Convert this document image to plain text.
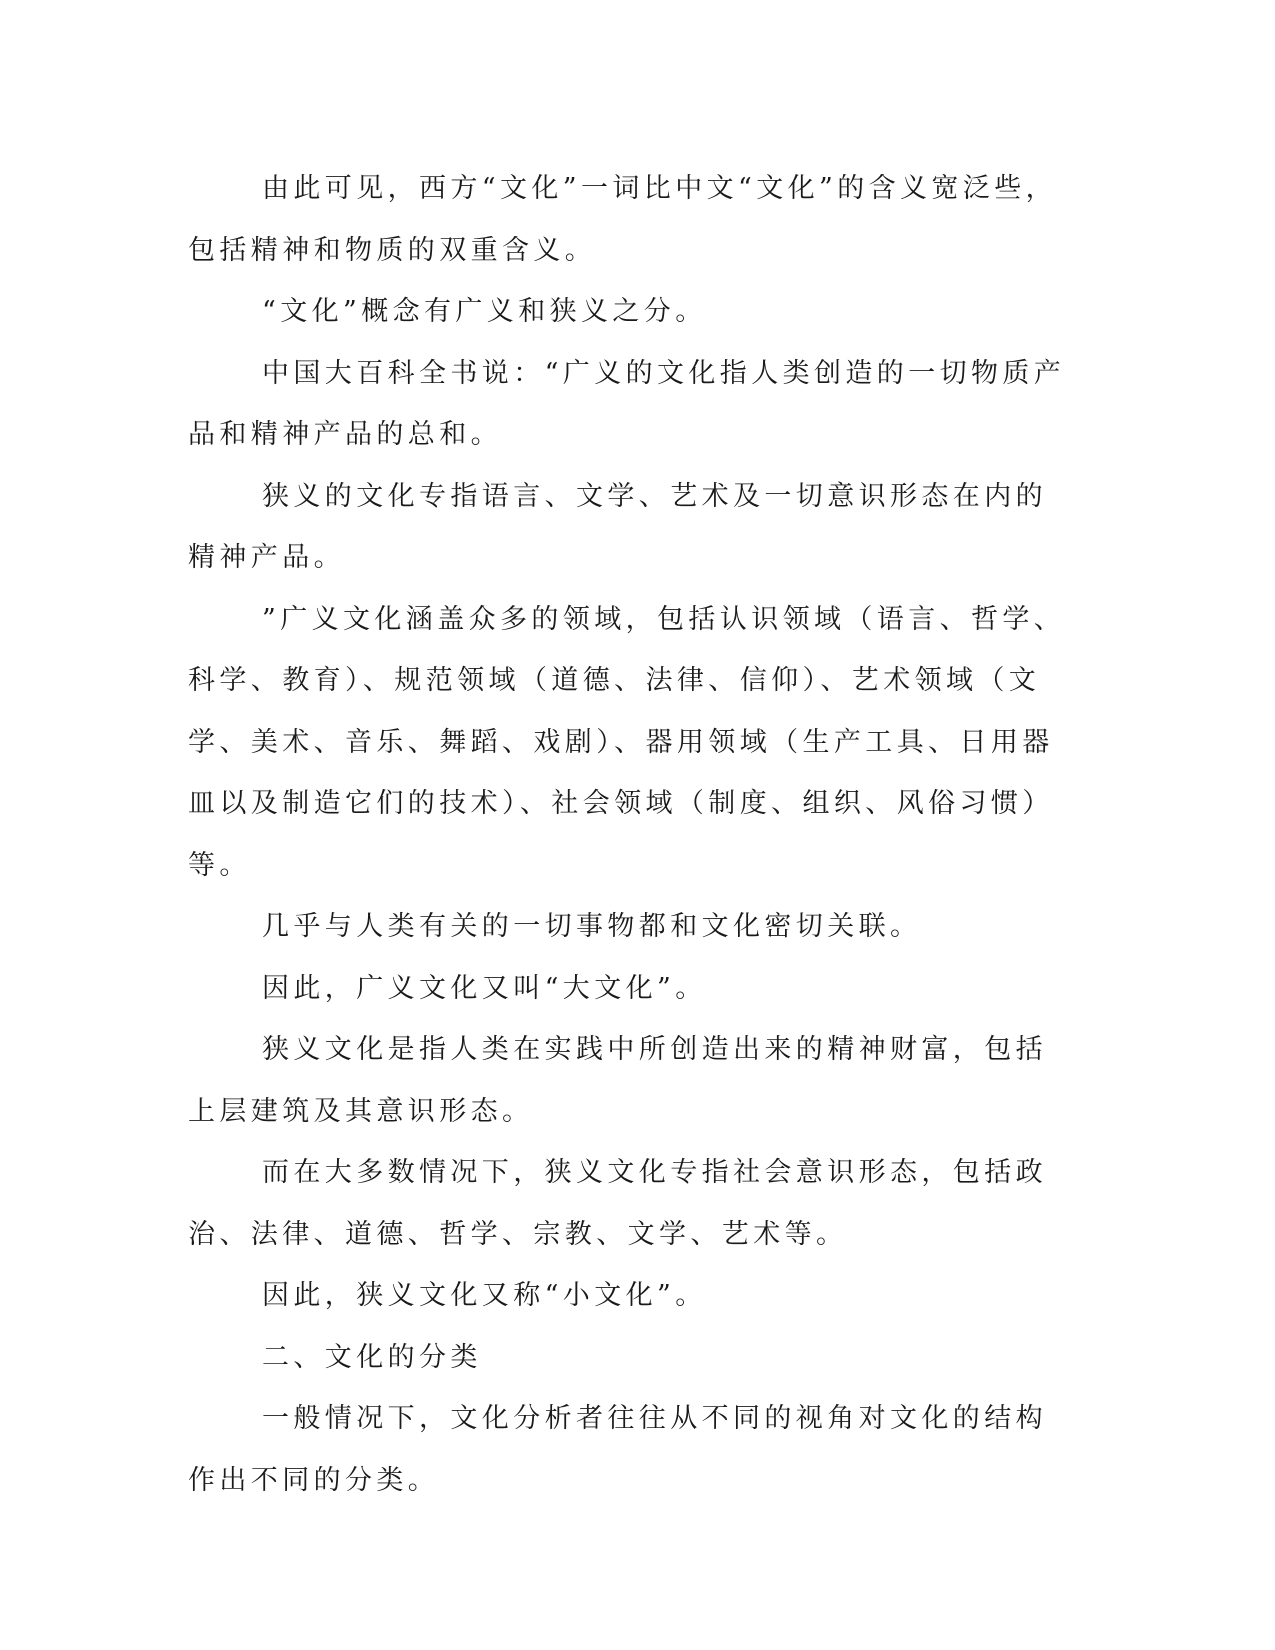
由此可见，西方“文化”一词比中文“文化”的含义宽泛些，包括精神和物质的双重含义。

“文化”概念有广义和狭义之分。

中国大百科全书说：“广义的文化指人类创造的一切物质产品和精神产品的总和。

狭义的文化专指语言、文学、艺术及一切意识形态在内的精神产品。

”广义文化涵盖众多的领域，包括认识领域（语言、哲学、科学、教育）、规范领域（道德、法律、信仰）、艺术领域（文学、美术、音乐、舞蹈、戏剧）、器用领域（生产工具、日用器皿以及制造它们的技术）、社会领域（制度、组织、风俗习惯）等。

几乎与人类有关的一切事物都和文化密切关联。

因此，广义文化又叫“大文化”。

狭义文化是指人类在实践中所创造出来的精神财富，包括上层建筑及其意识形态。

而在大多数情况下，狭义文化专指社会意识形态，包括政治、法律、道德、哲学、宗教、文学、艺术等。

因此，狭义文化又称“小文化”。

二、文化的分类

一般情况下，文化分析者往往从不同的视角对文化的结构作出不同的分类。
